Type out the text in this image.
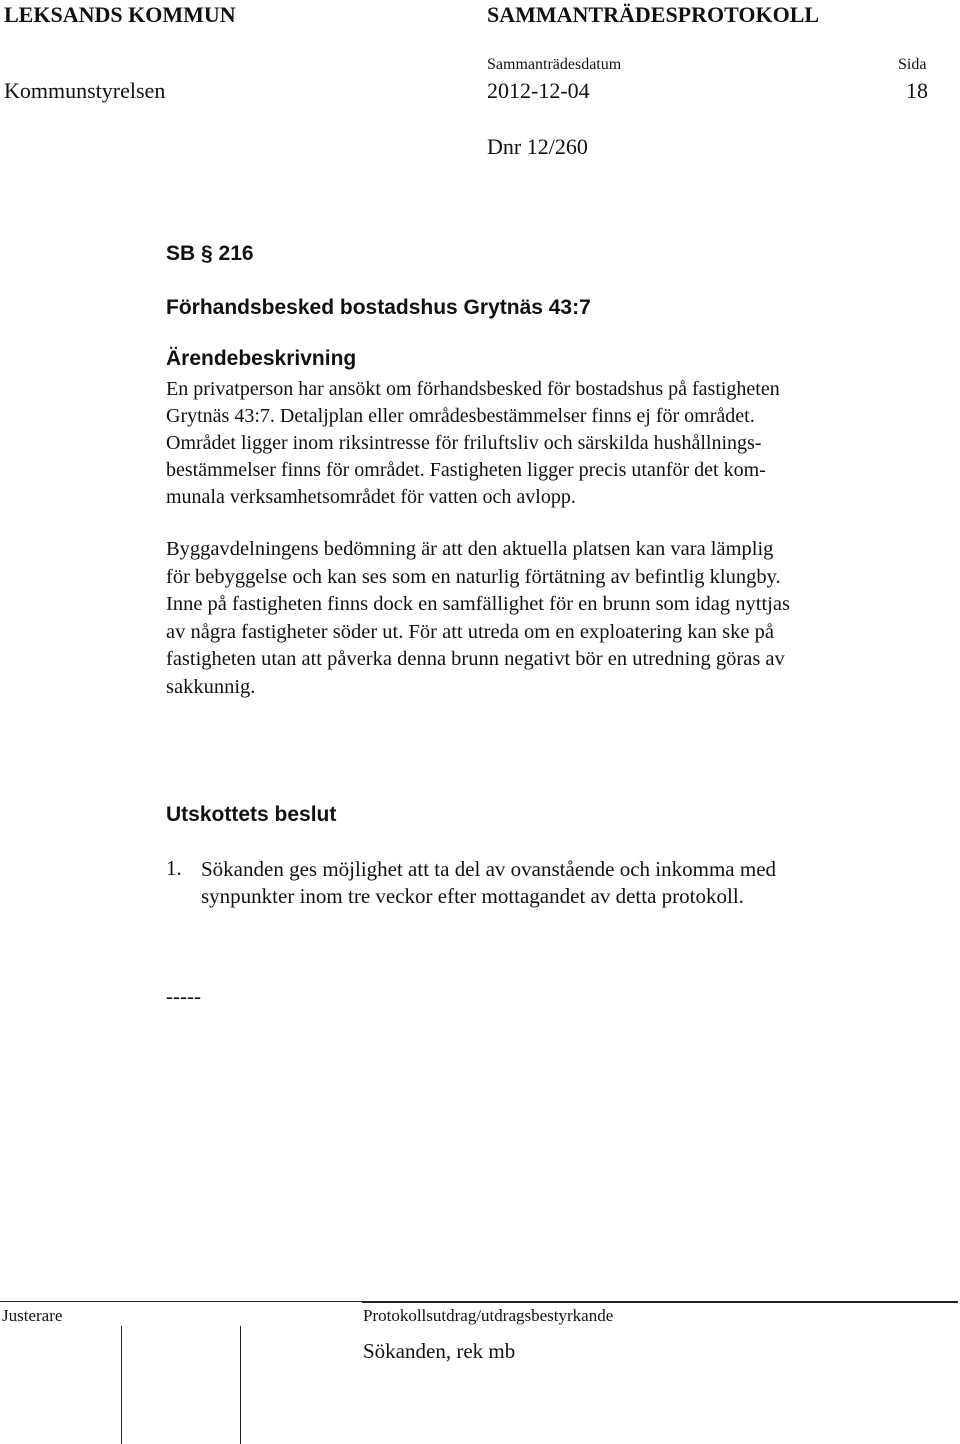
LEKSANDS KOMMUN	SAMMANTRÄDESPROTOKOLL
Sammanträdesdatum	Sida
Kommunstyrelsen	2012-12-04	18
Dnr 12/260
SB § 216
Förhandsbesked bostadshus Grytnäs 43:7
Ärendebeskrivning
En privatperson har ansökt om förhandsbesked för bostadshus på fastigheten
Grytnäs 43:7. Detaljplan eller områdesbestämmelser finns ej för området.
Området ligger inom riksintresse för friluftsliv och särskilda hushållnings-
bestämmelser finns för området. Fastigheten ligger precis utanför det kom-
munala verksamhetsområdet för vatten och avlopp.
Byggavdelningens bedömning är att den aktuella platsen kan vara lämplig
för bebyggelse och kan ses som en naturlig förtätning av befintlig klungby.
Inne på fastigheten finns dock en samfällighet för en brunn som idag nyttjas
av några fastigheter söder ut. För att utreda om en exploatering kan ske på
fastigheten utan att påverka denna brunn negativt bör en utredning göras av
sakkunnig.
Utskottets beslut
1. Sökanden ges möjlighet att ta del av ovanstående och inkomma med
synpunkter inom tre veckor efter mottagandet av detta protokoll.
-----
Justerare	Protokollsutdrag/utdragsbestyrkande
Sökanden, rek mb
